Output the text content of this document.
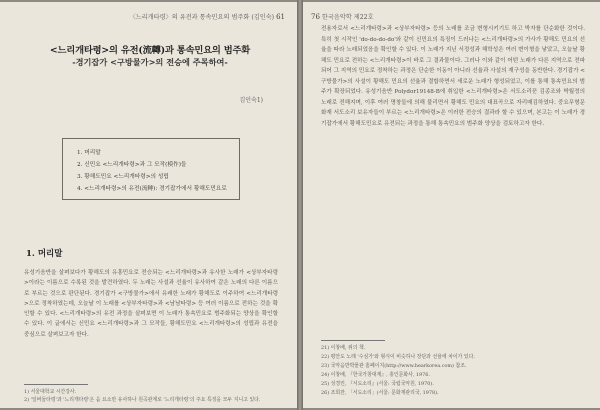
〈느리개타령〉의 유전과 통속민요의 범주화 (김인숙) 61
<느리개타령>의 유전(流轉)과 통속민요의 범주화
-경기잡가 <구방물가>의 전승에 주목하여-
김인숙1)
1. 머리말
2. 신민요 <느리개타령>과 그 모작(模作)들
3. 황해도민요 <느리개타령>의 성립
4. <느리개타령>의 유전(流轉): 경기잡가에서 황해도민요로
1. 머리말
유성기음반을 살펴보다가 황해도의 유흥민요로 전승되는 <느리개타령>과 유사한 노래가 <상부자타령>이라는 이름으로 수록된 것을 발견하였다. 두 노래는 사설과 선율이 유사하여 같은 노래의 다른 이름으로 부르는 것으로 판단된다. 경기잡가 <구방물가>에서 유래한 노래가 황해도로 이주하여 <느리개타령>으로 정착하였는데, 오늘날 이 노래를 <상부자타령>과 <남남타령> 등 여러 이름으로 전하는 것을 확인할 수 있다. <느리개타령>의 유전 과정을 살펴보면 이 노래가 통속민요로 범주화되는 양상을 확인할 수 있다. 이 글에서는 신민요 <느리개타령>과 그 모작들, 황해도민요 <느리개타령>의 성립과 유전을 중심으로 살펴보고자 한다.
1) 서울대학교 시간강사.
2) '일버들타령'과 '느리개타령'은 음 요소만 유사하나 원곡관계로 '느리개타령'의 주요 특징을 모두 지니고 있다.
76 한국음악학 제22호
전용자로서 <느리개타령>과 <상부자타령> 등의 노래를 조금 변형시키기도 하고 박자를 단순화한 것이다. 특히 첫 시작인 'do-do-do-do'와 같이 신민요의 특징이 드러나는 <느리개타령>의 가사가 황해도 민요의 선율을 따라 노래되었음을 확인할 수 있다. 이 노래가 지닌 서정성과 해학성은 여러 변이형을 낳았고, 오늘날 황해도 민요로 전하는 <느리개타령>이 바로 그 결과물이다. 그러나 이와 같이 어떤 노래가 다른 지역으로 전파되어 그 지역의 민요로 정착하는 과정은 단순한 이동이 아니라 선율과 사설의 재구성을 동반한다. 경기잡가 <구방물가>의 사설이 황해도 민요의 선율과 결합하면서 새로운 노래가 형성되었고, 이를 통해 통속민요의 범주가 확장되었다. 유성기음반 Polydor19148-B에 취입한 <느리개타령>은 서도소리꾼 김종조와 박월정의 노래로 전해지며, 이후 여러 명창들에 의해 불리면서 황해도 민요의 대표곡으로 자리매김하였다. 중요무형문화재 서도소리 보유자들이 부르는 <느리개타령>은 이러한 전승의 결과라 할 수 있으며, 본고는 이 노래가 경기잡가에서 황해도민요로 유전되는 과정을 통해 통속민요의 범주화 양상을 검토하고자 한다.
21) 이창배, 위의 책.
22) 평안도 노래 '수심가'와 형식이 비슷하나 장단과 선율에 차이가 있다.
23) 국악음반박물관 홈페이지(http://www.hearkorea.com) 참조.
24) 이창배, 『한국가창대계』, 홍인문화사, 1976.
25) 성경린, 『서도소리』(서울: 국립국악원, 1970).
26) 조희찬, 「서도소리」(서울: 문화재관리국, 1978).
